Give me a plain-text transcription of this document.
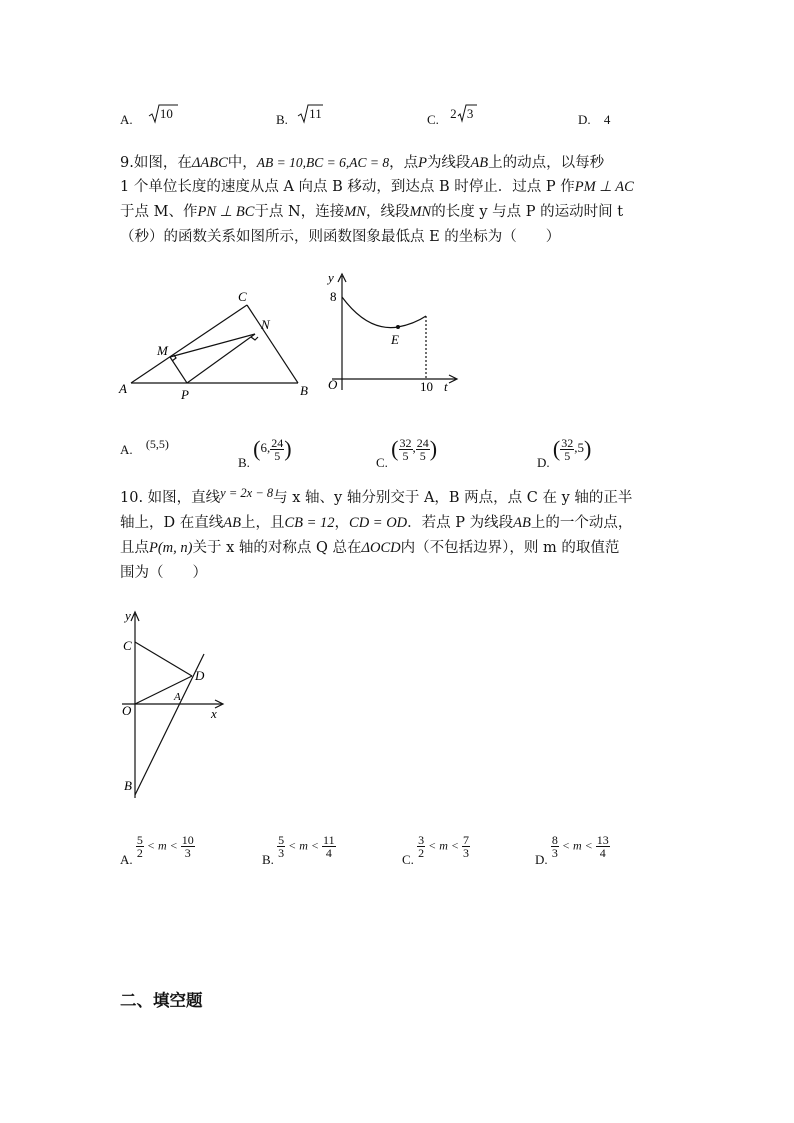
A. 10	B. 11	C. 2 3	D. 4
9.如图，在ΔABC中，AB = 10,BC = 6,AC = 8，点P为线段AB上的动点，以每秒
1 个单位长度的速度从点 A 向点 B 移动，到达点 B 时停止．过点 P 作PM ⊥ AC
于点 M、作PN ⊥ BC于点 N，连接MN，线段MN的长度 y 与点 P 的运动时间 t
（秒）的函数关系如图所示，则函数图象最低点 E 的坐标为（　　）
C
N
M
A	P	B
y
8
E
O	10 t
A. (5,5)
B. (6, $\frac{24}{5}$ )
C. ( $\frac{32}{5}$ , $\frac{24}{5}$ )
D. ( $\frac{32}{5} ,5$)
10. 如图，直线y = 2x − 8与 x 轴、y 轴分别交于 A，B 两点，点 C 在 y 轴的正半
轴上，D 在直线AB上，且CB = 12，CD = OD．若点 P 为线段AB上的一个动点，
且点P(m, n)关于 x 轴的对称点 Q 总在ΔOCD内（不包括边界），则 m 的取值范
围为（　　）
y
C
D
O
A
x
B
A.
$\frac{5}{2} < m < \frac{10}{3}$
B.
$\frac{5}{3} < m < \frac{11}{4}$
C.
$\frac{3}{2} < m < \frac{7}{3}$
D.
$\frac{8}{3} < m < \frac{13}{4}$
二、填空题
